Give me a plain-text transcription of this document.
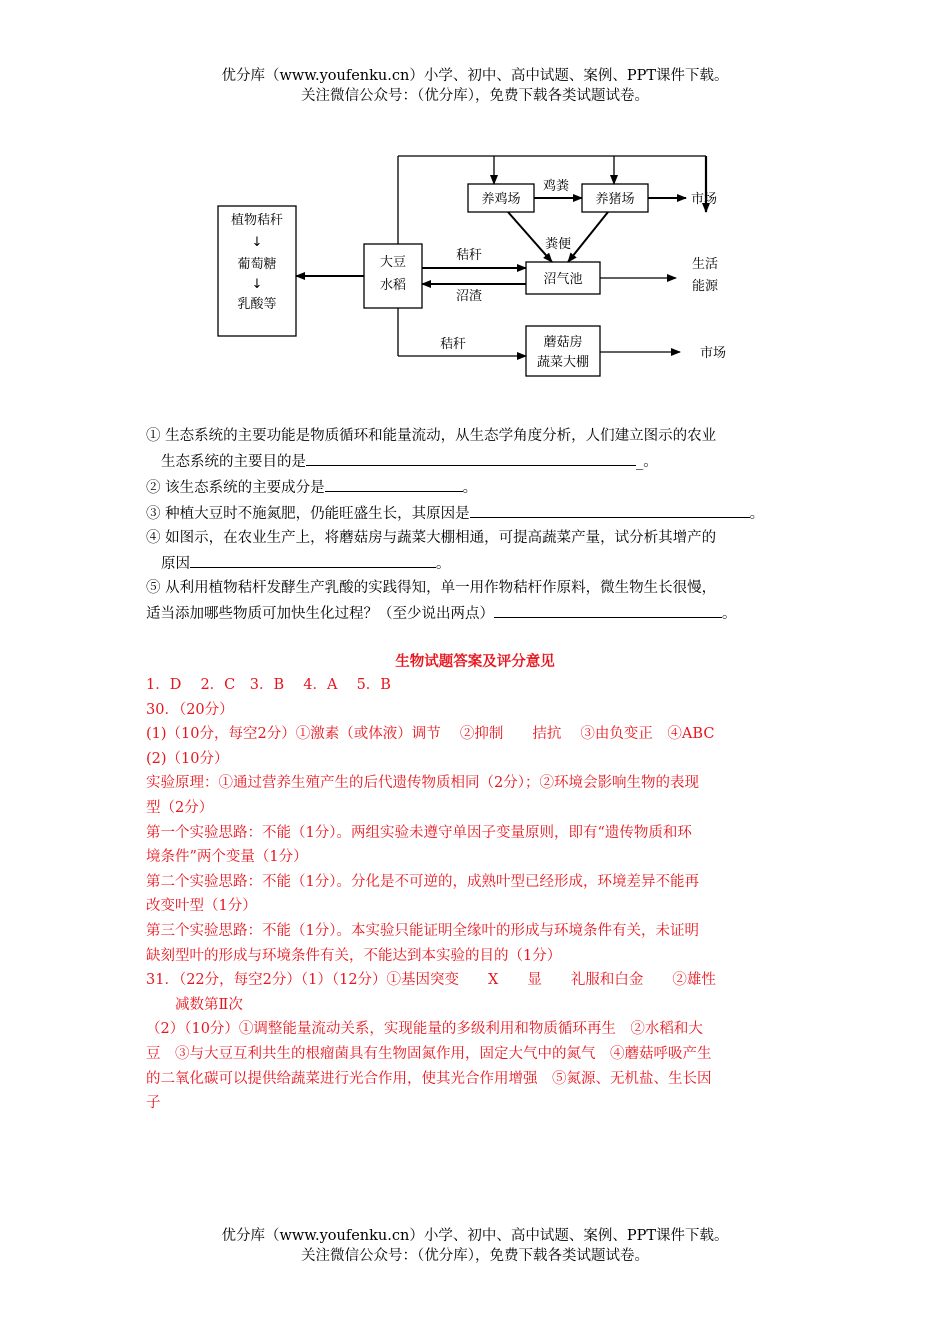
优分库（www.youfenku.cn）小学、初中、高中试题、案例、PPT课件下载。
关注微信公众号：（优分库），免费下载各类试题试卷。
植物秸秆
↓
葡萄糖
↓
乳酸等
大豆
水稻
养鸡场	养猪场	市场
鸡粪
粪便
秸秆
沼气池
沼渣
生活
能源
秸秆	蘑菇房
蔬菜大棚
市场
① 生态系统的主要功能是物质循环和能量流动，从生态学角度分析，人们建立图示的农业
生态系统的主要目的是	_。
② 该生态系统的主要成分是	。
③ 种植大豆时不施氮肥，仍能旺盛生长，其原因是	。
④ 如图示，在农业生产上，将蘑菇房与蔬菜大棚相通，可提高蔬菜产量，试分析其增产的
原因	。
⑤ 从利用植物秸杆发酵生产乳酸的实践得知，单一用作物秸杆作原料，微生物生长很慢，
适当添加哪些物质可加快生化过程？（至少说出两点）	。
生物试题答案及评分意见
1．D　 2．C　3．B　 4．A　 5．B
30．（20分）
(1)（10分，每空2分）①激素（或体液）调节　 ②抑制　　拮抗　 ③由负变正　④ABC
(2)（10分）
实验原理：①通过营养生殖产生的后代遗传物质相同（2分）；②环境会影响生物的表现
型（2分）
第一个实验思路：不能（1分）。两组实验未遵守单因子变量原则，即有“遗传物质和环
境条件”两个变量（1分）
第二个实验思路：不能（1分）。分化是不可逆的，成熟叶型已经形成，环境差异不能再
改变叶型（1分）
第三个实验思路：不能（1分）。本实验只能证明全缘叶的形成与环境条件有关，未证明
缺刻型叶的形成与环境条件有关，不能达到本实验的目的（1分）
31．（22分，每空2分）（1）（12分）①基因突变　　X　　显　　礼服和白金　　②雄性
　　减数第Ⅱ次
（2）（10分）①调整能量流动关系，实现能量的多级利用和物质循环再生　②水稻和大
豆　③与大豆互利共生的根瘤菌具有生物固氮作用，固定大气中的氮气　④蘑菇呼吸产生
的二氧化碳可以提供给蔬菜进行光合作用，使其光合作用增强　⑤氮源、无机盐、生长因
子
优分库（www.youfenku.cn）小学、初中、高中试题、案例、PPT课件下载。
关注微信公众号：（优分库），免费下载各类试题试卷。
